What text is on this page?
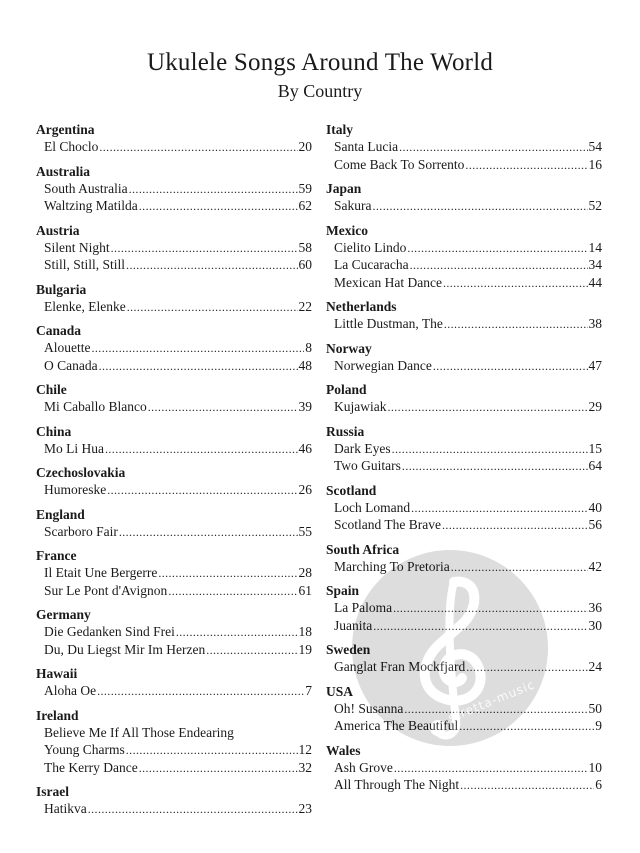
Ukulele Songs Around The World
By Country
Argentina
El Choclo .....	20
Australia
South Australia .....	59
Waltzing Matilda .....	62
Austria
Silent Night .....	58
Still, Still, Still .....	60
Bulgaria
Elenke, Elenke .....	22
Canada
Alouette .....	8
O Canada .....	48
Chile
Mi Caballo Blanco .....	39
China
Mo Li Hua .....	46
Czechoslovakia
Humoreske .....	26
England
Scarboro Fair .....	55
France
Il Etait Une Bergerre .....	28
Sur Le Pont d'Avignon .....	61
Germany
Die Gedanken Sind Frei .....	18
Du, Du Liegst Mir Im Herzen .....	19
Hawaii
Aloha Oe .....	7
Ireland
Believe Me If All Those Endearing
Young Charms .....	12
The Kerry Dance .....	32
Israel
Hatikva .....	23
Italy
Santa Lucia .....	54
Come Back To Sorrento .....	16
Japan
Sakura .....	52
Mexico
Cielito Lindo .....	14
La Cucaracha .....	34
Mexican Hat Dance .....	44
Netherlands
Little Dustman, The .....	38
Norway
Norwegian Dance .....	47
Poland
Kujawiak .....	29
Russia
Dark Eyes .....	15
Two Guitars .....	64
Scotland
Loch Lomand .....	40
Scotland The Brave .....	56
South Africa
Marching To Pretoria .....	42
Spain
La Paloma .....	36
Juanita .....	30
Sweden
Ganglat Fran Mockfjard .....	24
USA
Oh! Susanna .....	50
America The Beautiful .....	9
Wales
Ash Grove .....	10
All Through The Night .....	6
stretta-music
